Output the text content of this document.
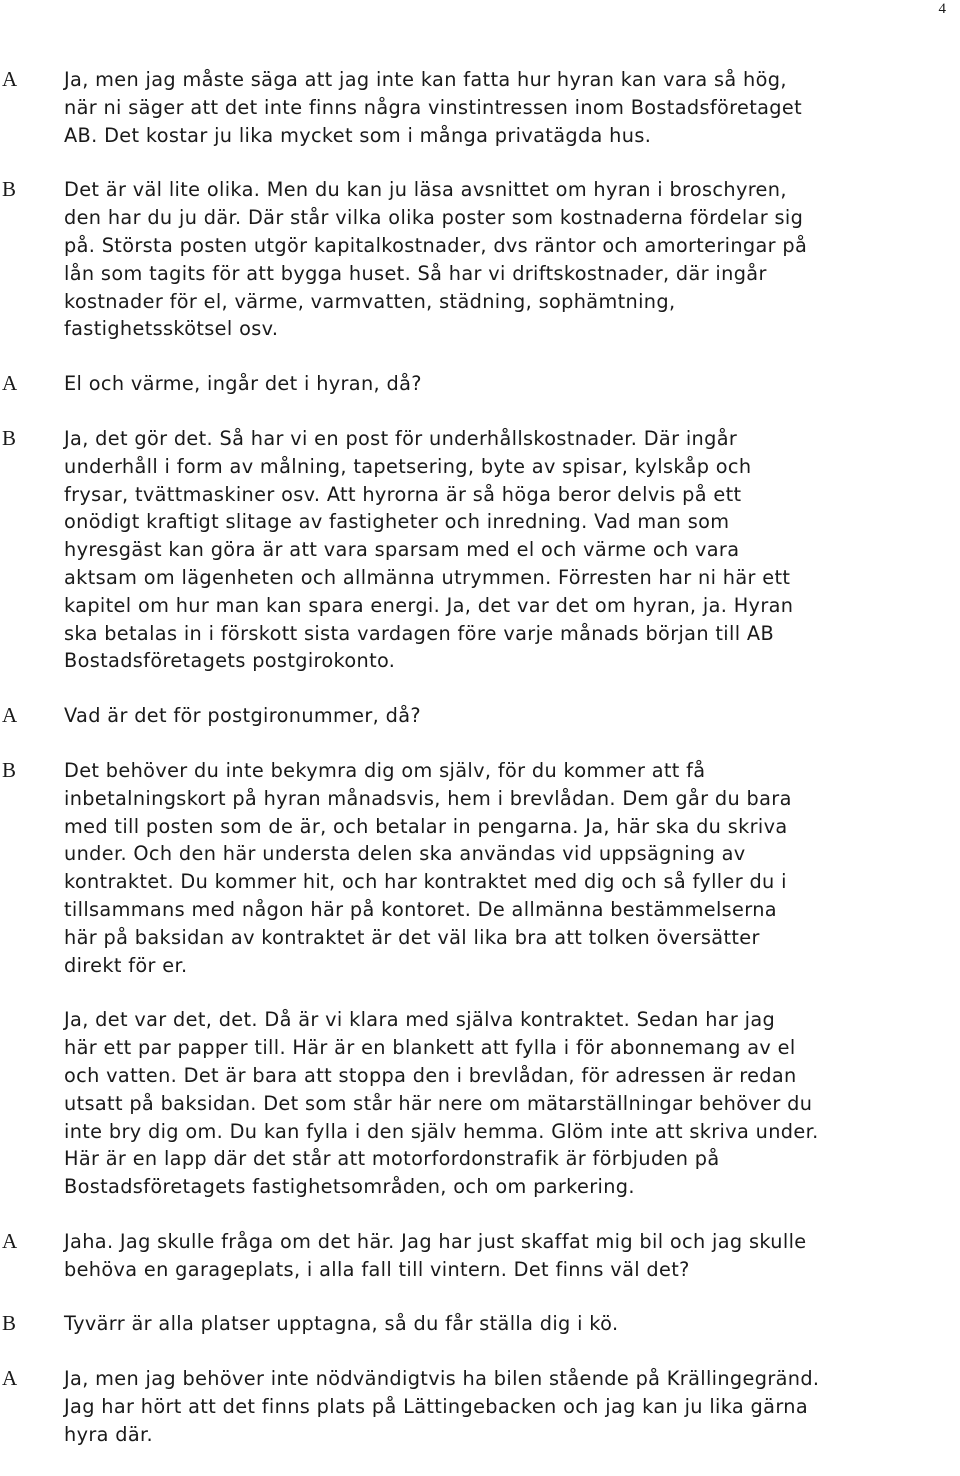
4
A Ja, men jag måste säga att jag inte kan fatta hur hyran kan vara så hög,
när ni säger att det inte finns några vinstintressen inom Bostadsföretaget
AB. Det kostar ju lika mycket som i många privatägda hus.
B Det är väl lite olika. Men du kan ju läsa avsnittet om hyran i broschyren,
den har du ju där. Där står vilka olika poster som kostnaderna fördelar sig
på. Största posten utgör kapitalkostnader, dvs räntor och amorteringar på
lån som tagits för att bygga huset. Så har vi driftskostnader, där ingår
kostnader för el, värme, varmvatten, städning, sophämtning,
fastighetsskötsel osv.
A El och värme, ingår det i hyran, då?
B Ja, det gör det. Så har vi en post för underhållskostnader. Där ingår
underhåll i form av målning, tapetsering, byte av spisar, kylskåp och
frysar, tvättmaskiner osv. Att hyrorna är så höga beror delvis på ett
onödigt kraftigt slitage av fastigheter och inredning. Vad man som
hyresgäst kan göra är att vara sparsam med el och värme och vara
aktsam om lägenheten och allmänna utrymmen. Förresten har ni här ett
kapitel om hur man kan spara energi. Ja, det var det om hyran, ja. Hyran
ska betalas in i förskott sista vardagen före varje månads början till AB
Bostadsföretagets postgirokonto.
A Vad är det för postgironummer, då?
B Det behöver du inte bekymra dig om själv, för du kommer att få
inbetalningskort på hyran månadsvis, hem i brevlådan. Dem går du bara
med till posten som de är, och betalar in pengarna. Ja, här ska du skriva
under. Och den här understa delen ska användas vid uppsägning av
kontraktet. Du kommer hit, och har kontraktet med dig och så fyller du i
tillsammans med någon här på kontoret. De allmänna bestämmelserna
här på baksidan av kontraktet är det väl lika bra att tolken översätter
direkt för er.
Ja, det var det, det. Då är vi klara med själva kontraktet. Sedan har jag
här ett par papper till. Här är en blankett att fylla i för abonnemang av el
och vatten. Det är bara att stoppa den i brevlådan, för adressen är redan
utsatt på baksidan. Det som står här nere om mätarställningar behöver du
inte bry dig om. Du kan fylla i den själv hemma. Glöm inte att skriva under.
Här är en lapp där det står att motorfordonstrafik är förbjuden på
Bostadsföretagets fastighetsområden, och om parkering.
A Jaha. Jag skulle fråga om det här. Jag har just skaffat mig bil och jag skulle
behöva en garageplats, i alla fall till vintern. Det finns väl det?
B Tyvärr är alla platser upptagna, så du får ställa dig i kö.
A Ja, men jag behöver inte nödvändigtvis ha bilen stående på Krällingegränd.
Jag har hört att det finns plats på Lättingebacken och jag kan ju lika gärna
hyra där.
